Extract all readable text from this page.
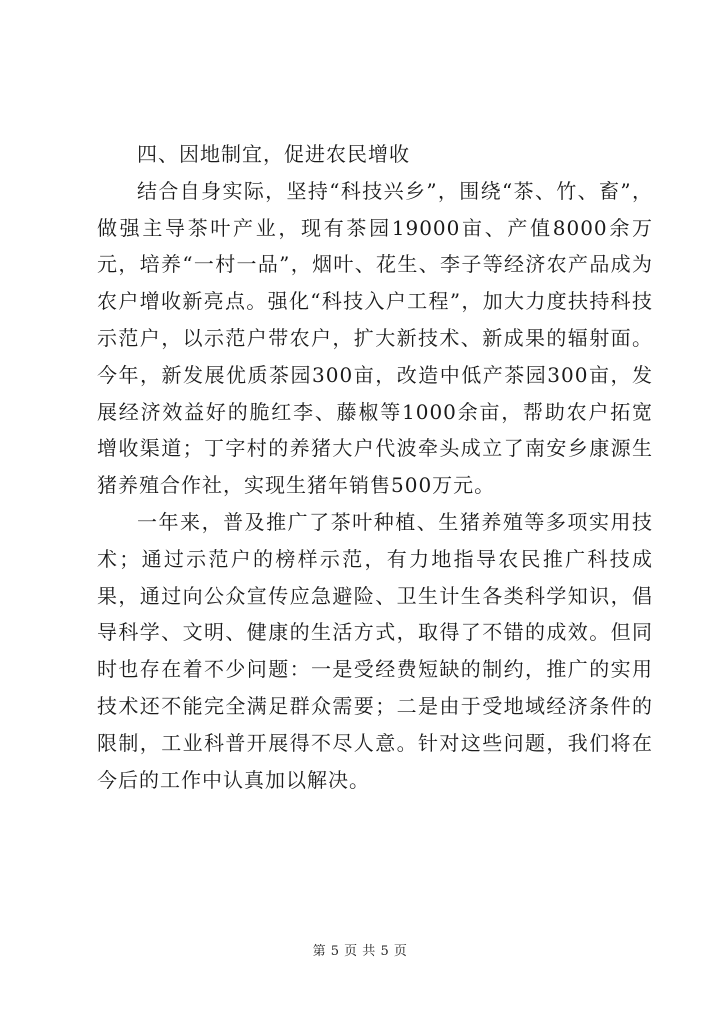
四、因地制宜，促进农民增收

结合自身实际，坚持“科技兴乡”，围绕“茶、竹、畜”，做强主导茶叶产业，现有茶园19000亩、产值8000余万元，培养“一村一品”，烟叶、花生、李子等经济农产品成为农户增收新亮点。强化“科技入户工程”，加大力度扶持科技示范户，以示范户带农户，扩大新技术、新成果的辐射面。今年，新发展优质茶园300亩，改造中低产茶园300亩，发展经济效益好的脆红李、藤椒等1000余亩，帮助农户拓宽增收渠道；丁字村的养猪大户代波牵头成立了南安乡康源生猪养殖合作社，实现生猪年销售500万元。

一年来，普及推广了茶叶种植、生猪养殖等多项实用技术；通过示范户的榜样示范，有力地指导农民推广科技成果，通过向公众宣传应急避险、卫生计生各类科学知识，倡导科学、文明、健康的生活方式，取得了不错的成效。但同时也存在着不少问题：一是受经费短缺的制约，推广的实用技术还不能完全满足群众需要；二是由于受地域经济条件的限制，工业科普开展得不尽人意。针对这些问题，我们将在今后的工作中认真加以解决。

第 5 页 共 5 页
